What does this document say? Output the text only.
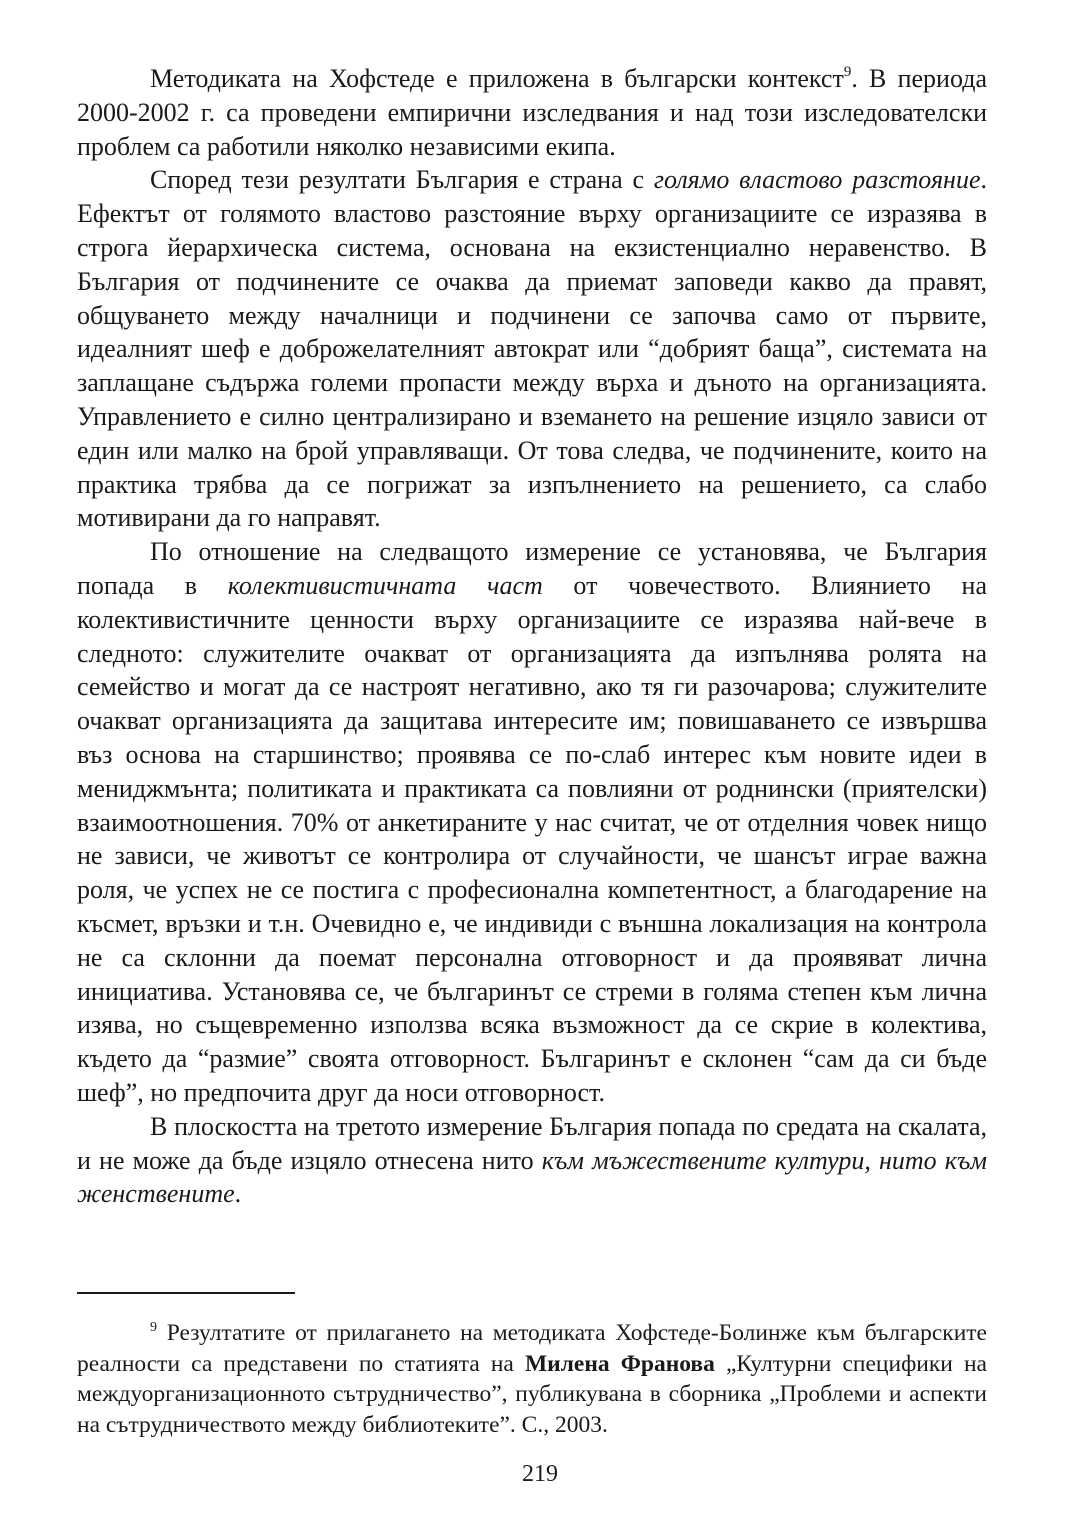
Методиката на Хофстеде е приложена в български контекст$^9$. В периода 2000-2002 г. са проведени емпирични изследвания и над този изследователски проблем са работили няколко независими екипа.

Според тези резултати България е страна с голямо властово разстояние. Ефектът от голямото властово разстояние върху организациите се изразява в строга йерархическа система, основана на екзистенциално неравенство. В България от подчинените се очаква да приемат заповеди какво да правят, общуването между началници и подчинени се започва само от първите, идеалният шеф е доброжелателният автократ или “добрият баща”, системата на заплащане съдържа големи пропасти между върха и дъното на организацията. Управлението е силно централизирано и вземането на решение изцяло зависи от един или малко на брой управляващи. От това следва, че подчинените, които на практика трябва да се погрижат за изпълнението на решението, са слабо мотивирани да го направят.

По отношение на следващото измерение се установява, че България попада в колективистичната част от човечеството. Влиянието на колективистичните ценности върху организациите се изразява най-вече в следното: служителите очакват от организацията да изпълнява ролята на семейство и могат да се настроят негативно, ако тя ги разочарова; служителите очакват организацията да защитава интересите им; повишаването се извършва въз основа на старшинство; проявява се по-слаб интерес към новите идеи в мениджмънта; политиката и практиката са повлияни от роднински (приятелски) взаимоотношения. 70% от анкетираните у нас считат, че от отделния човек нищо не зависи, че животът се контролира от случайности, че шансът играе важна роля, че успех не се постига с професионална компетентност, а благодарение на късмет, връзки и т.н. Очевидно е, че индивиди с външна локализация на контрола не са склонни да поемат персонална отговорност и да проявяват лична инициатива. Установява се, че българинът се стреми в голяма степен към лична изява, но същевременно използва всяка възможност да се скрие в колектива, където да “размие” своята отговорност. Българинът е склонен “сам да си бъде шеф”, но предпочита друг да носи отговорност.

В плоскостта на третото измерение България попада по средата на скалата, и не може да бъде изцяло отнесена нито към мъжествените култури, нито към женствените.

$^9$ Резултатите от прилагането на методиката Хофстеде-Болинже към българските реалности са представени по статията на Милена Франова „Културни специфики на междуорганизационното сътрудничество”, публикувана в сборника „Проблеми и аспекти на сътрудничеството между библиотеките”. С., 2003.

219
